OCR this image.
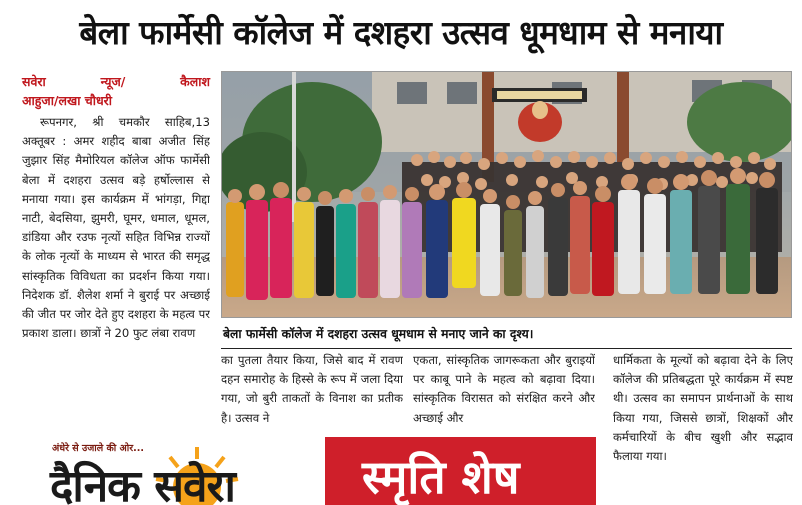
बेला फार्मेसी कॉलेज में दशहरा उत्सव धूमधाम से मनाया
सवेरा न्यूज/ कैलाश
आहुजा/लखा चौधरी
रूपनगर, श्री चमकौर साहिब,13 अक्तूबर : अमर शहीद बाबा अजीत सिंह जुझार सिंह मैमोरियल कॉलेज ऑफ फार्मेसी बेला में दशहरा उत्सव बड़े हर्षोल्लास से मनाया गया। इस कार्यक्रम में भांगड़ा, गिद्दा नाटी, बेदसिया, झुमरी, घूमर, धमाल, धूमल, डांडिया और रउफ नृत्यों सहित विभिन्न राज्यों के लोक नृत्यों के माध्यम से भारत की समृद्ध सांस्कृतिक विविधता का प्रदर्शन किया गया। निदेशक डॉ. शैलेश शर्मा ने बुराई पर अच्छाई की जीत पर जोर देते हुए दशहरा के महत्व पर प्रकाश डाला। छात्रों ने 20 फुट लंबा रावण	बेला फार्मेसी कॉलेज में दशहरा उत्सव धूमधाम से मनाए जाने का दृश्य।
का पुतला तैयार किया, जिसे बाद में रावण दहन समारोह के हिस्से के रूप में जला दिया गया, जो बुरी ताकतों के विनाश का प्रतीक है। उत्सव ने
एकता, सांस्कृतिक जागरूकता और बुराइयों पर काबू पाने के महत्व को बढ़ावा दिया। सांस्कृतिक विरासत को संरक्षित करने और अच्छाई और
धार्मिकता के मूल्यों को बढ़ावा देने के लिए कॉलेज की प्रतिबद्धता पूरे कार्यक्रम में स्पष्ट थी। उत्सव का समापन प्रार्थनाओं के साथ किया गया, जिससे छात्रों, शिक्षकों और कर्मचारियों के बीच खुशी और सद्भाव फैलाया गया।
अंधेरे से उजाले की ओर...
दैनिक सवेरा	स्मृति शेष
